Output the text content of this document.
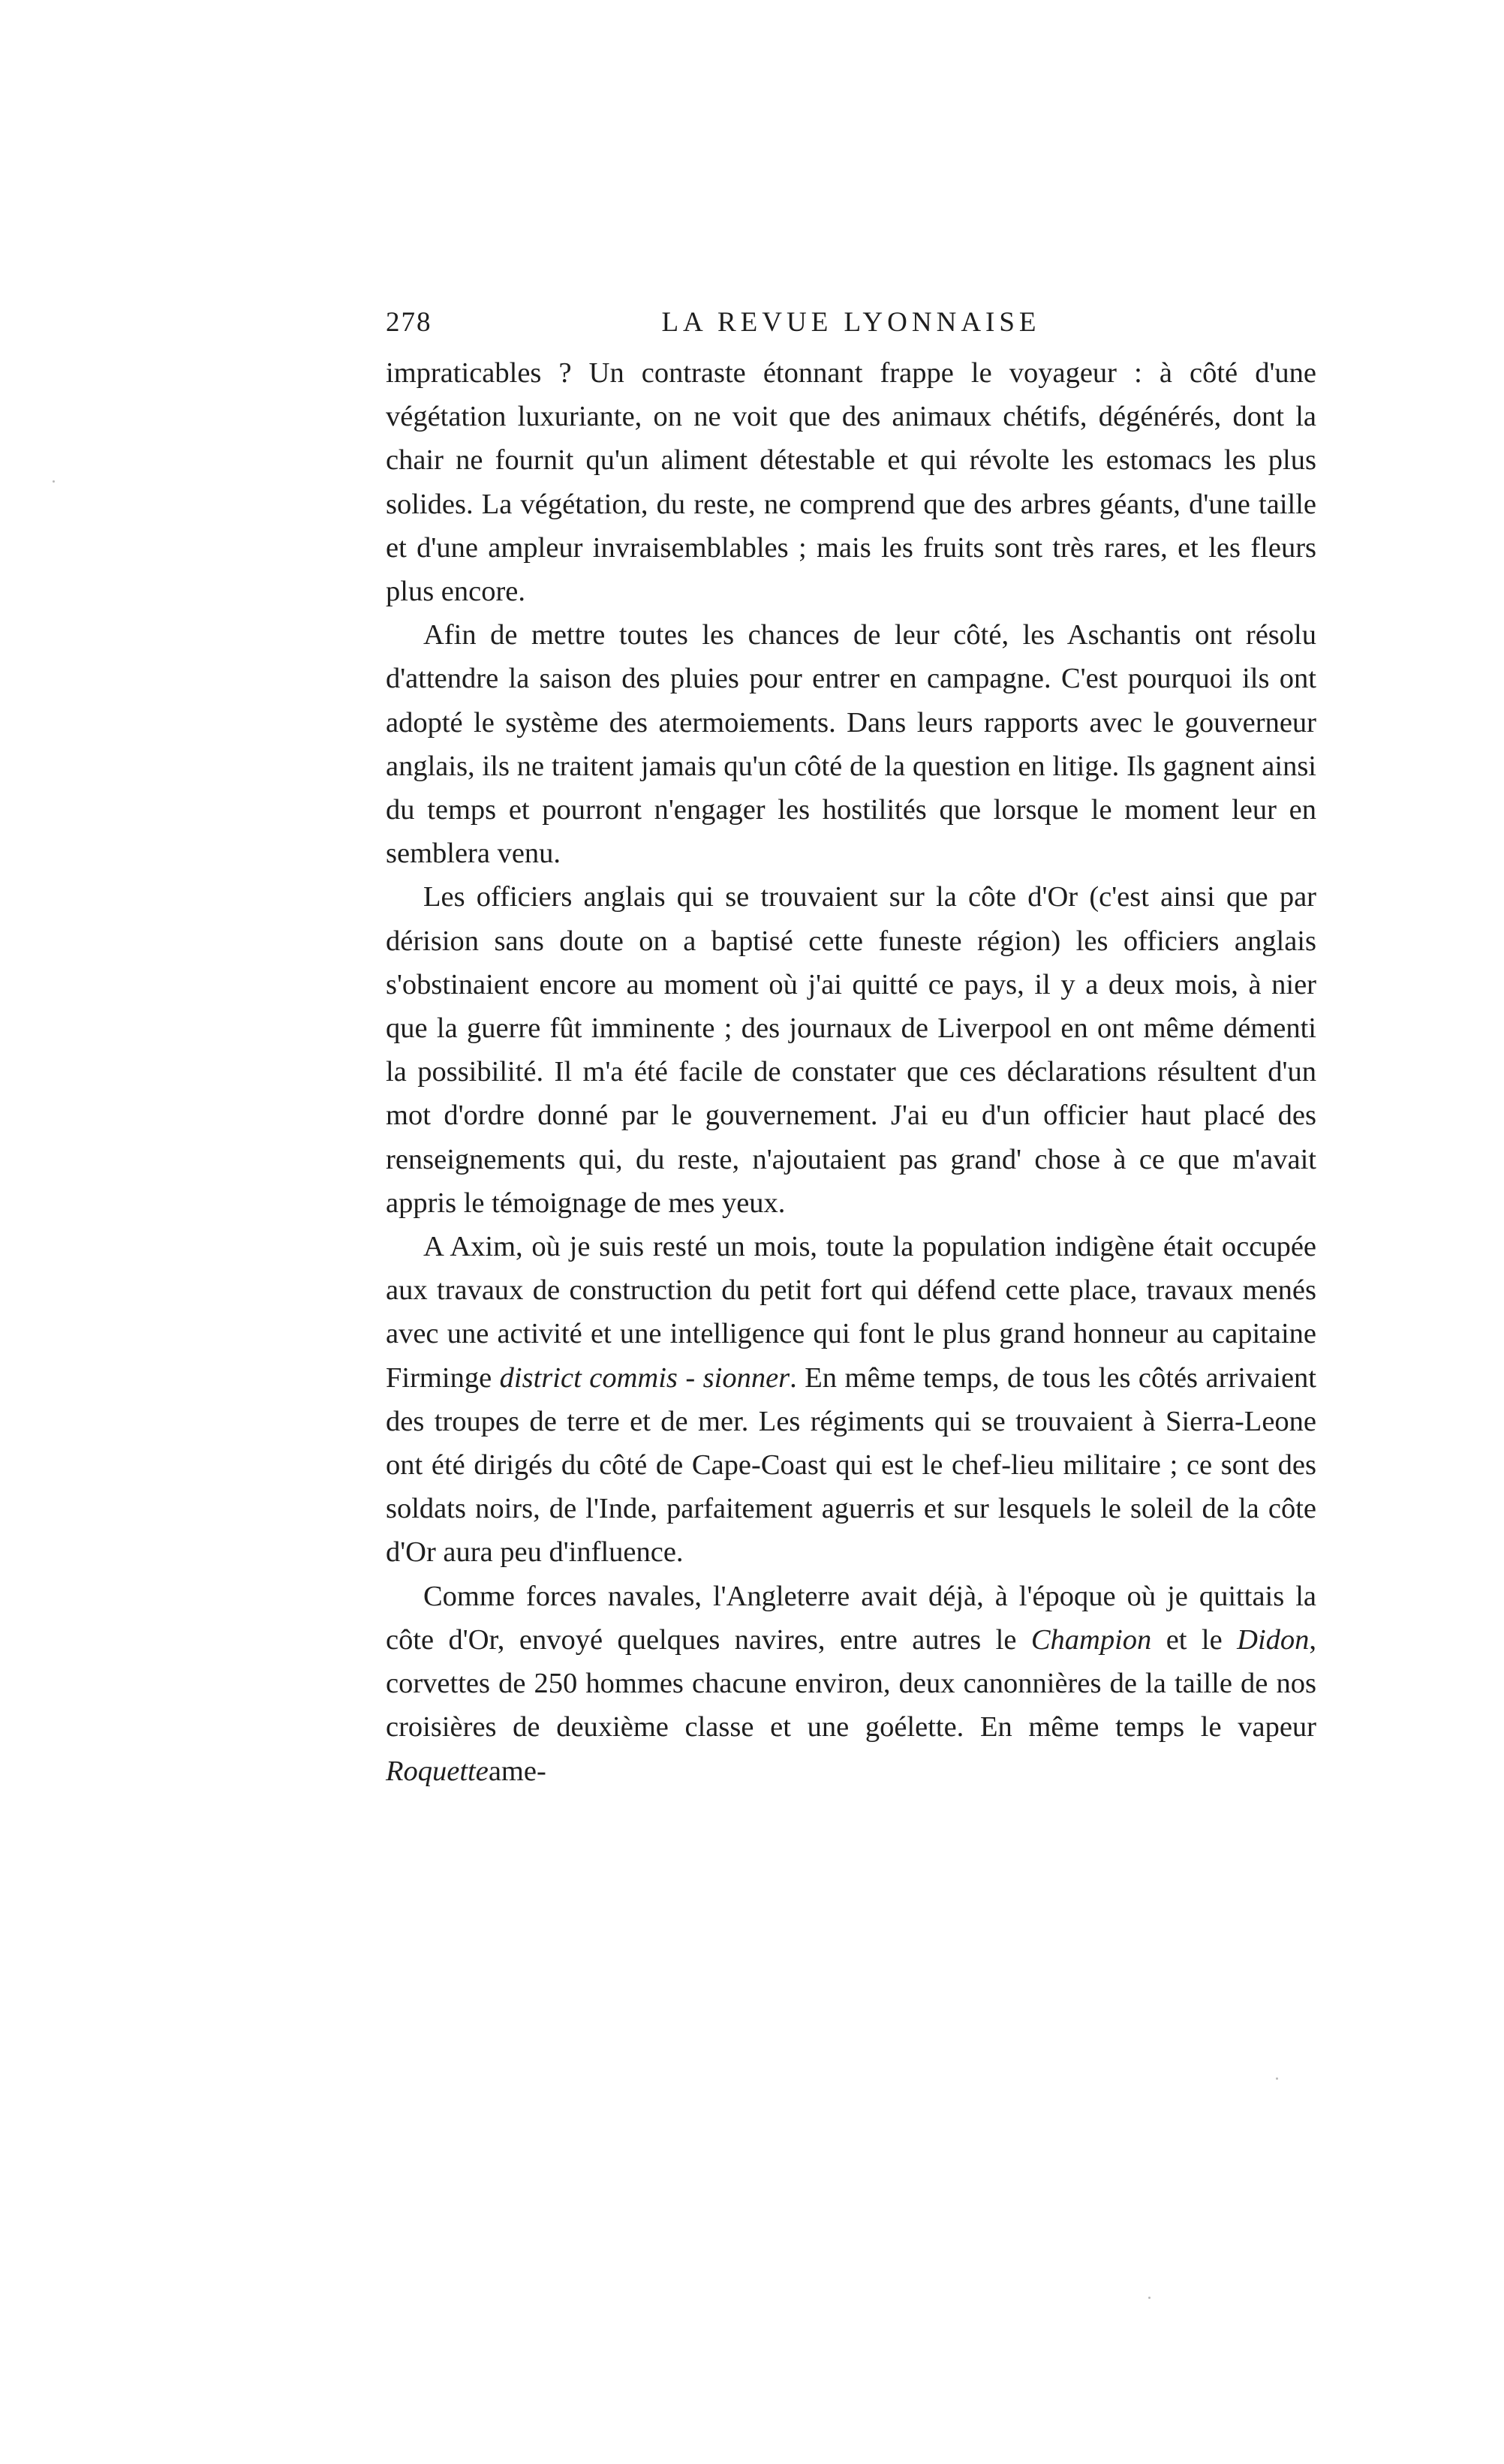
278	LA REVUE LYONNAISE

impraticables ? Un contraste étonnant frappe le voyageur : à côté d'une végétation luxuriante, on ne voit que des animaux chétifs, dégénérés, dont la chair ne fournit qu'un aliment détestable et qui révolte les estomacs les plus solides. La végétation, du reste, ne comprend que des arbres géants, d'une taille et d'une ampleur invraisemblables ; mais les fruits sont très rares, et les fleurs plus encore.

Afin de mettre toutes les chances de leur côté, les Aschantis ont résolu d'attendre la saison des pluies pour entrer en campagne. C'est pourquoi ils ont adopté le système des atermoiements. Dans leurs rapports avec le gouverneur anglais, ils ne traitent jamais qu'un côté de la question en litige. Ils gagnent ainsi du temps et pourront n'engager les hostilités que lorsque le moment leur en semblera venu.

Les officiers anglais qui se trouvaient sur la côte d'Or (c'est ainsi que par dérision sans doute on a baptisé cette funeste région) les officiers anglais s'obstinaient encore au moment où j'ai quitté ce pays, il y a deux mois, à nier que la guerre fût imminente ; des journaux de Liverpool en ont même démenti la possibilité. Il m'a été facile de constater que ces déclarations résultent d'un mot d'ordre donné par le gouvernement. J'ai eu d'un officier haut placé des renseignements qui, du reste, n'ajoutaient pas grand' chose à ce que m'avait appris le témoignage de mes yeux.

A Axim, où je suis resté un mois, toute la population indigène était occupée aux travaux de construction du petit fort qui défend cette place, travaux menés avec une activité et une intelligence qui font le plus grand honneur au capitaine Firminge district commis - sionner. En même temps, de tous les côtés arrivaient des troupes de terre et de mer. Les régiments qui se trouvaient à Sierra-Leone ont été dirigés du côté de Cape-Coast qui est le chef-lieu militaire ; ce sont des soldats noirs, de l'Inde, parfaitement aguerris et sur lesquels le soleil de la côte d'Or aura peu d'influence.

Comme forces navales, l'Angleterre avait déjà, à l'époque où je quittais la côte d'Or, envoyé quelques navires, entre autres le Champion et le Didon, corvettes de 250 hommes chacune environ, deux canonnières de la taille de nos croisières de deuxième classe et une goélette. En même temps le vapeur Roquetteame-
